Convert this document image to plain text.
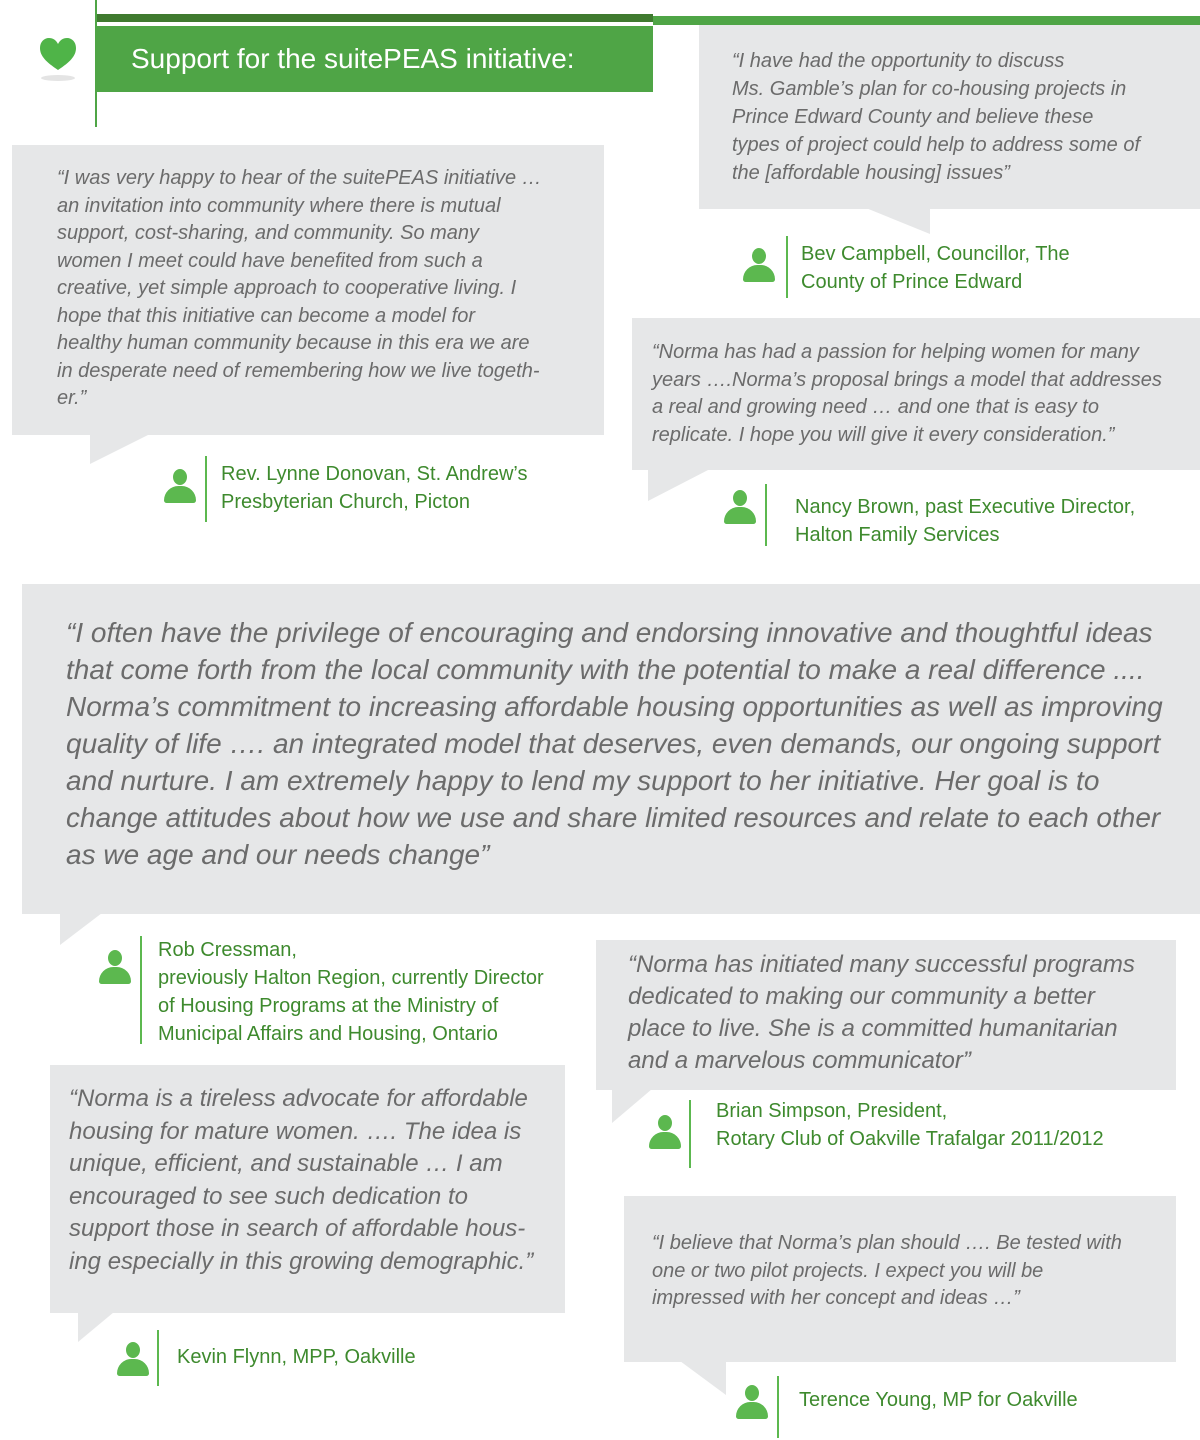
Support for the suitePEAS initiative:
“I was very happy to hear of the suitePEAS initiative …
an invitation into community where there is mutual
support, cost-sharing, and community. So many
women I meet could have benefited from such a
creative, yet simple approach to cooperative living. I
hope that this initiative can become a model for
healthy human community because in this era we are
in desperate need of remembering how we live togeth-
er.”
Rev. Lynne Donovan, St. Andrew’s
Presbyterian Church, Picton
“I have had the opportunity to discuss
Ms. Gamble’s plan for co-housing projects in
Prince Edward County and believe these
types of project could help to address some of
the [affordable housing] issues”
Bev Campbell, Councillor, The
County of Prince Edward
“Norma has had a passion for helping women for many
years ….Norma’s proposal brings a model that addresses
a real and growing need … and one that is easy to
replicate. I hope you will give it every consideration.”
Nancy Brown, past Executive Director,
Halton Family Services
“I often have the privilege of encouraging and endorsing innovative and thoughtful ideas
that come forth from the local community with the potential to make a real difference ....
Norma’s commitment to increasing affordable housing opportunities as well as improving
quality of life …. an integrated model that deserves, even demands, our ongoing support
and nurture. I am extremely happy to lend my support to her initiative. Her goal is to
change attitudes about how we use and share limited resources and relate to each other
as we age and our needs change”
Rob Cressman,
previously Halton Region, currently Director
of Housing Programs at the Ministry of
Municipal Affairs and Housing, Ontario
“Norma has initiated many successful programs
dedicated to making our community a better
place to live. She is a committed humanitarian
and a marvelous communicator”
Brian Simpson, President,
Rotary Club of Oakville Trafalgar 2011/2012
“Norma is a tireless advocate for affordable
housing for mature women. …. The idea is
unique, efficient, and sustainable … I am
encouraged to see such dedication to
support those in search of affordable hous-
ing especially in this growing demographic.”
Kevin Flynn, MPP, Oakville
“I believe that Norma’s plan should …. Be tested with
one or two pilot projects. I expect you will be
impressed with her concept and ideas …”
Terence Young, MP for Oakville
